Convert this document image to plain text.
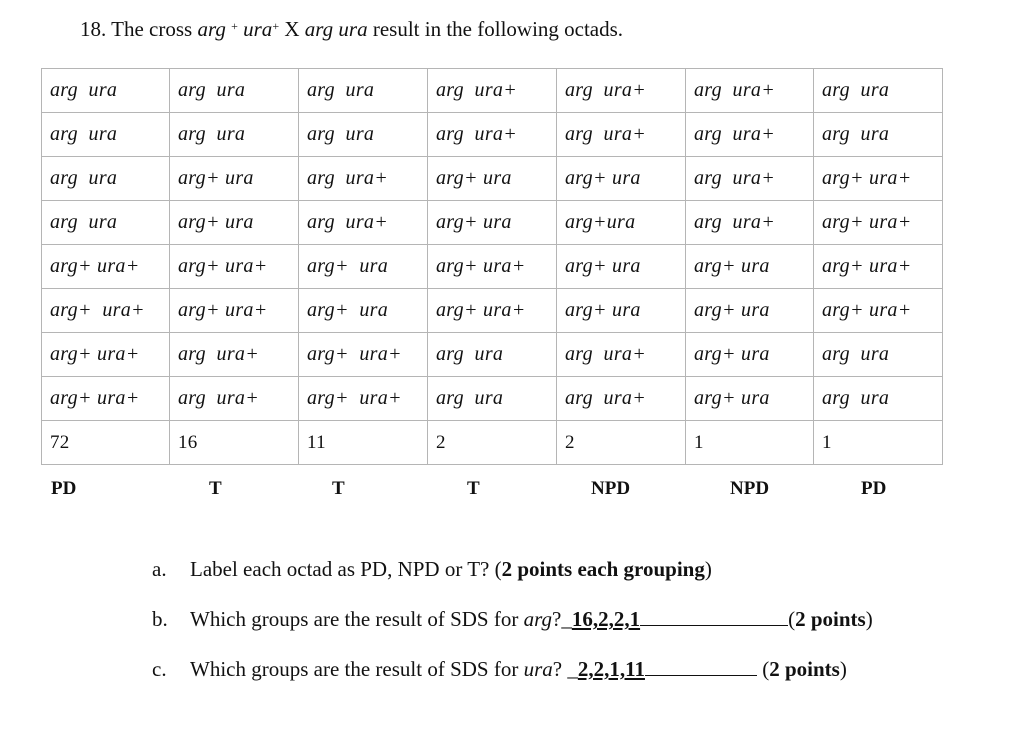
18. The cross arg + ura+ X arg ura result in the following octads.
arg  ura	arg  ura	arg  ura	arg  ura+	arg  ura+	arg  ura+	arg  ura
arg  ura	arg  ura	arg  ura	arg  ura+	arg  ura+	arg  ura+	arg  ura
arg  ura	arg+ ura	arg  ura+	arg+ ura	arg+ ura	arg  ura+	arg+ ura+
arg  ura	arg+ ura	arg  ura+	arg+ ura	arg+ura	arg  ura+	arg+ ura+
arg+ ura+	arg+ ura+	arg+  ura	arg+ ura+	arg+ ura	arg+ ura	arg+ ura+
arg+  ura+	arg+ ura+	arg+  ura	arg+ ura+	arg+ ura	arg+ ura	arg+ ura+
arg+ ura+	arg  ura+	arg+  ura+	arg  ura	arg  ura+	arg+ ura	arg  ura
arg+ ura+	arg  ura+	arg+  ura+	arg  ura	arg  ura+	arg+ ura	arg  ura
72	16	11	2	2	1	1
PD	T	T	T	NPD	NPD	PD
a. Label each octad as PD, NPD or T? (2 points each grouping)
b. Which groups are the result of SDS for arg?_16,2,2,1	(2 points)
c. Which groups are the result of SDS for ura? _2,2,1,11	(2 points)
